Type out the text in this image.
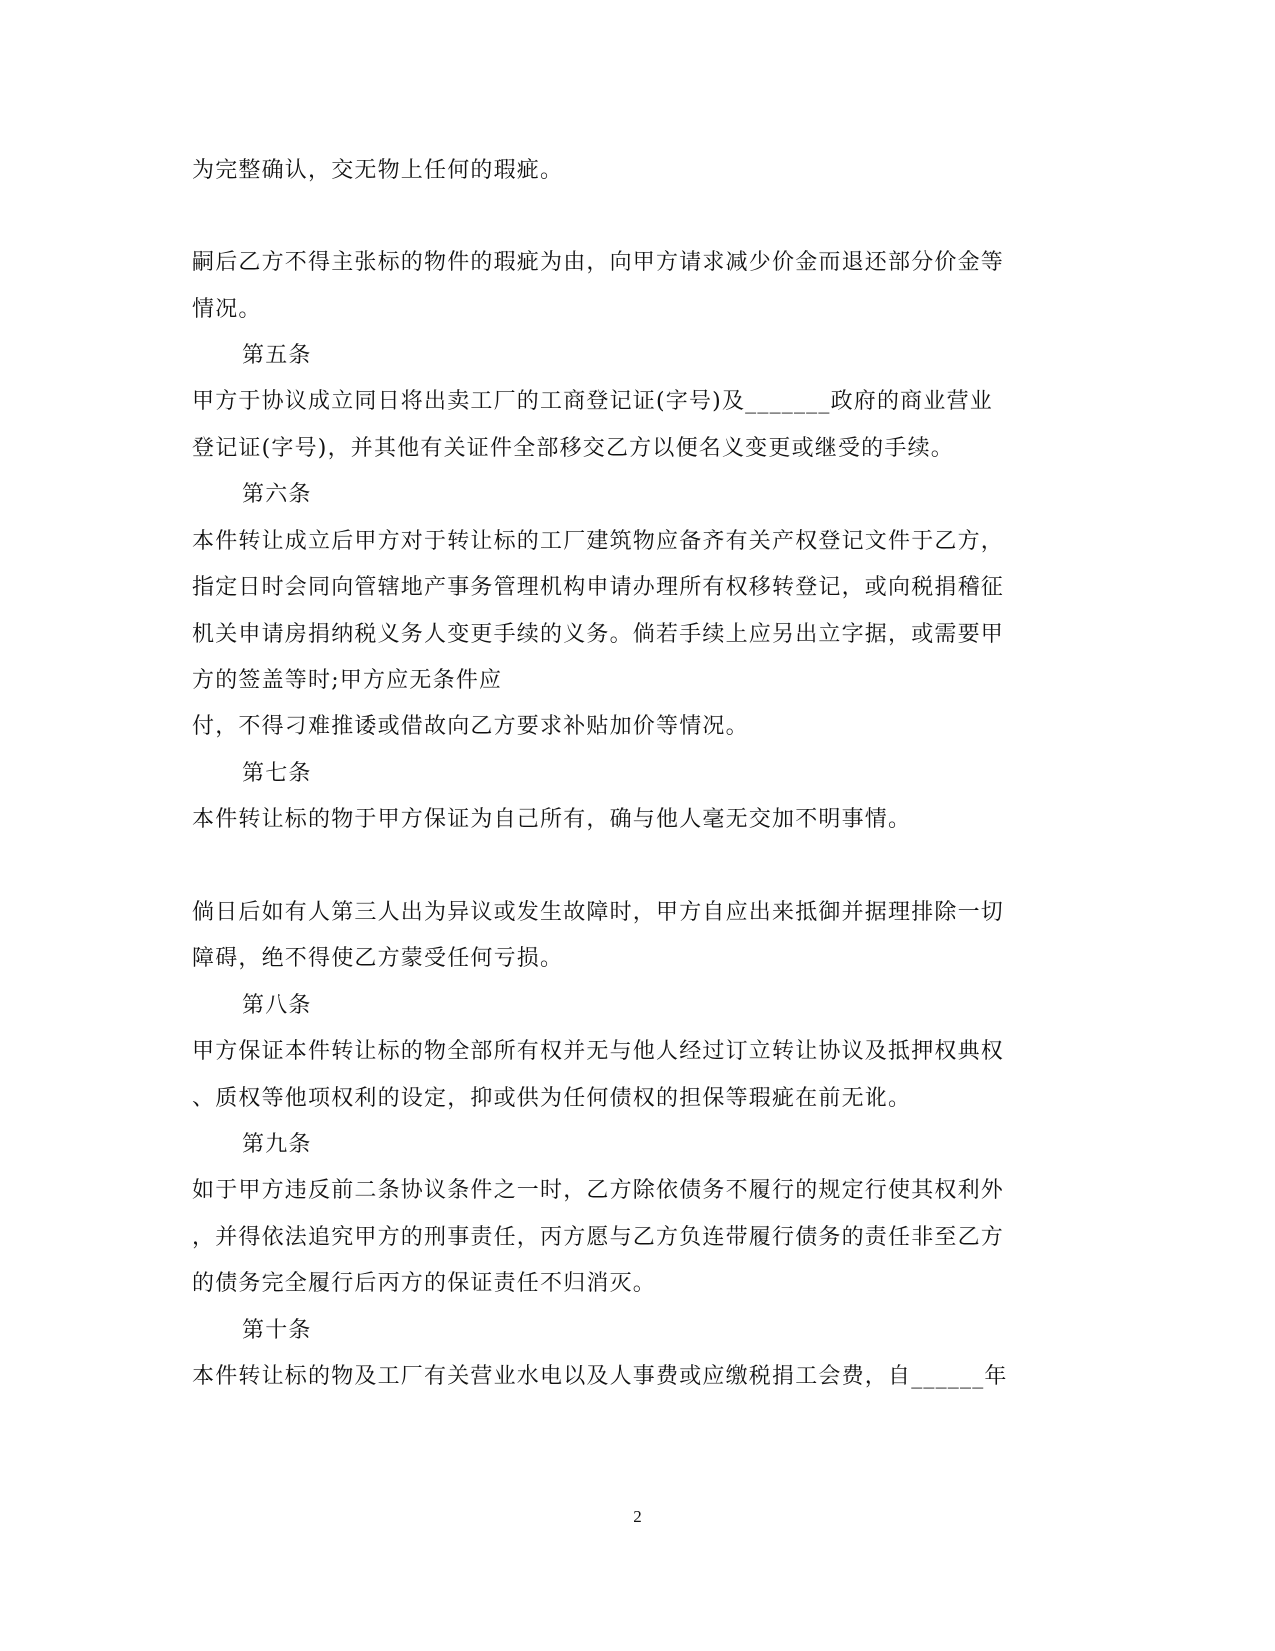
为完整确认，交无物上任何的瑕疵。
嗣后乙方不得主张标的物件的瑕疵为由，向甲方请求减少价金而退还部分价金等
情况。
第五条
甲方于协议成立同日将出卖工厂的工商登记证(字号)及_______政府的商业营业
登记证(字号)，并其他有关证件全部移交乙方以便名义变更或继受的手续。
第六条
本件转让成立后甲方对于转让标的工厂建筑物应备齐有关产权登记文件于乙方，
指定日时会同向管辖地产事务管理机构申请办理所有权移转登记，或向税捐稽征
机关申请房捐纳税义务人变更手续的义务。倘若手续上应另出立字据，或需要甲
方的签盖等时;甲方应无条件应
付，不得刁难推诿或借故向乙方要求补贴加价等情况。
第七条
本件转让标的物于甲方保证为自己所有，确与他人毫无交加不明事情。
倘日后如有人第三人出为异议或发生故障时，甲方自应出来抵御并据理排除一切
障碍，绝不得使乙方蒙受任何亏损。
第八条
甲方保证本件转让标的物全部所有权并无与他人经过订立转让协议及抵押权典权
、质权等他项权利的设定，抑或供为任何债权的担保等瑕疵在前无讹。
第九条
如于甲方违反前二条协议条件之一时，乙方除依债务不履行的规定行使其权利外
，并得依法追究甲方的刑事责任，丙方愿与乙方负连带履行债务的责任非至乙方
的债务完全履行后丙方的保证责任不归消灭。
第十条
本件转让标的物及工厂有关营业水电以及人事费或应缴税捐工会费，自______年
2
